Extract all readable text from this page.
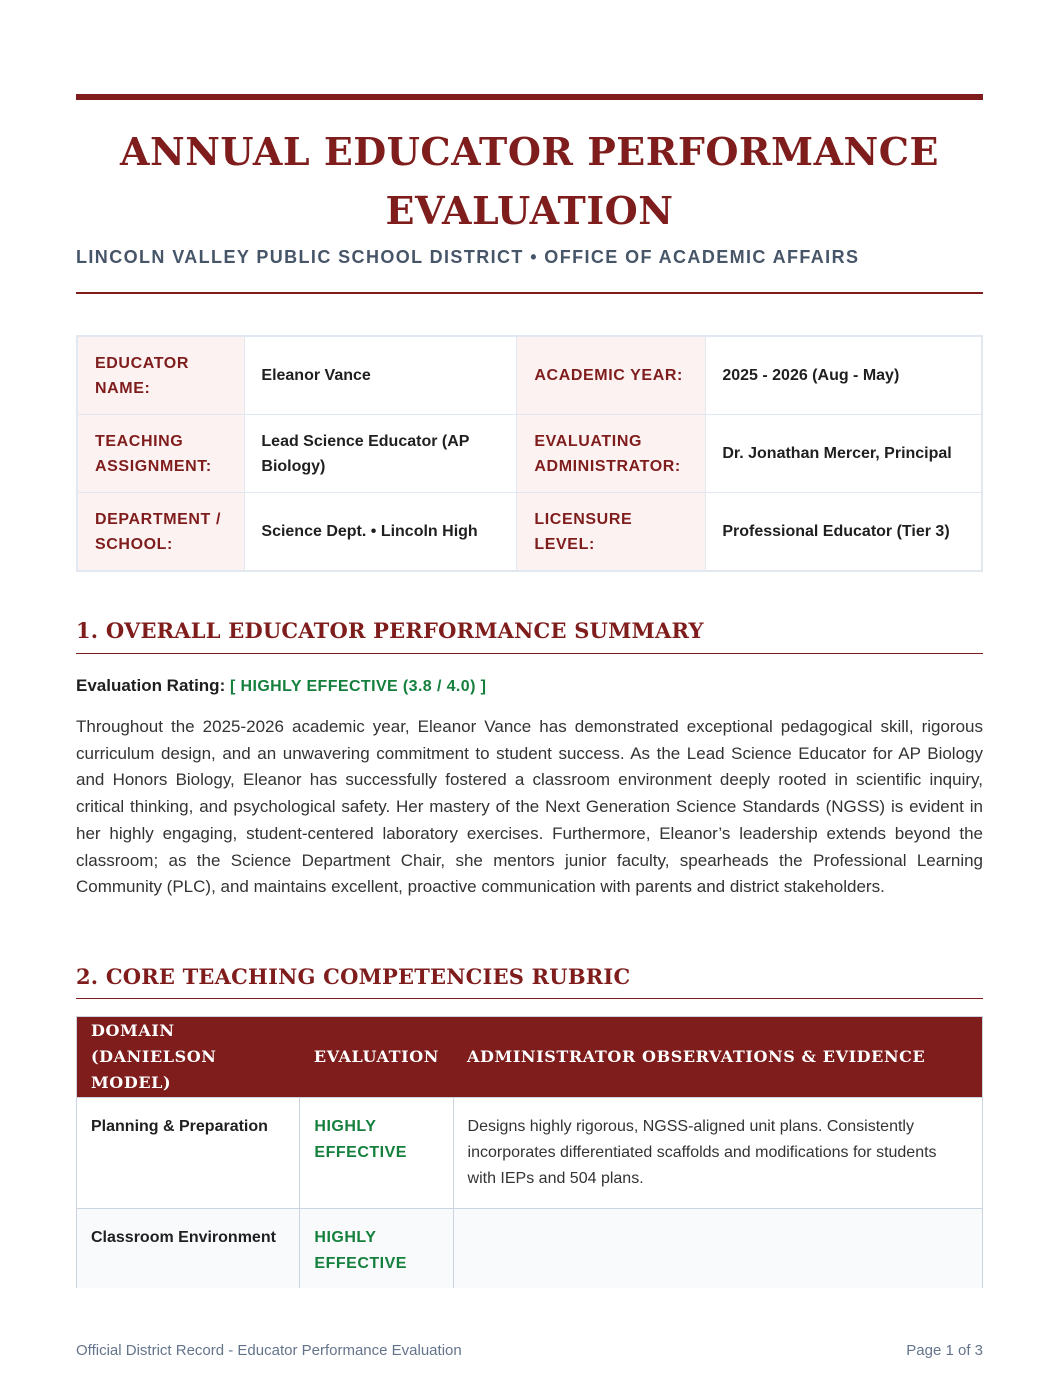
ANNUAL EDUCATOR PERFORMANCE EVALUATION

LINCOLN VALLEY PUBLIC SCHOOL DISTRICT • OFFICE OF ACADEMIC AFFAIRS

EDUCATOR NAME:	Eleanor Vance	ACADEMIC YEAR:	2025 - 2026 (Aug - May)
TEACHING ASSIGNMENT:	Lead Science Educator (AP Biology)	EVALUATING ADMINISTRATOR:	Dr. Jonathan Mercer, Principal
DEPARTMENT / SCHOOL:	Science Dept. • Lincoln High	LICENSURE LEVEL:	Professional Educator (Tier 3)
1. OVERALL EDUCATOR PERFORMANCE SUMMARY

Evaluation Rating: [ HIGHLY EFFECTIVE (3.8 / 4.0) ]

Throughout the 2025-2026 academic year, Eleanor Vance has demonstrated exceptional pedagogical skill, rigorous curriculum design, and an unwavering commitment to student success. As the Lead Science Educator for AP Biology and Honors Biology, Eleanor has successfully fostered a classroom environment deeply rooted in scientific inquiry, critical thinking, and psychological safety. Her mastery of the Next Generation Science Standards (NGSS) is evident in her highly engaging, student-centered laboratory exercises. Furthermore, Eleanor’s leadership extends beyond the classroom; as the Science Department Chair, she mentors junior faculty, spearheads the Professional Learning Community (PLC), and maintains excellent, proactive communication with parents and district stakeholders.

2. CORE TEACHING COMPETENCIES RUBRIC
DOMAIN (DANIELSON MODEL)	EVALUATION	ADMINISTRATOR OBSERVATIONS & EVIDENCE
Planning & Preparation	HIGHLY EFFECTIVE	Designs highly rigorous, NGSS-aligned unit plans. Consistently incorporates differentiated scaffolds and modifications for students with IEPs and 504 plans.
Classroom Environment	HIGHLY EFFECTIVE	

Official District Record - Educator Performance Evaluation	Page 1 of 3
